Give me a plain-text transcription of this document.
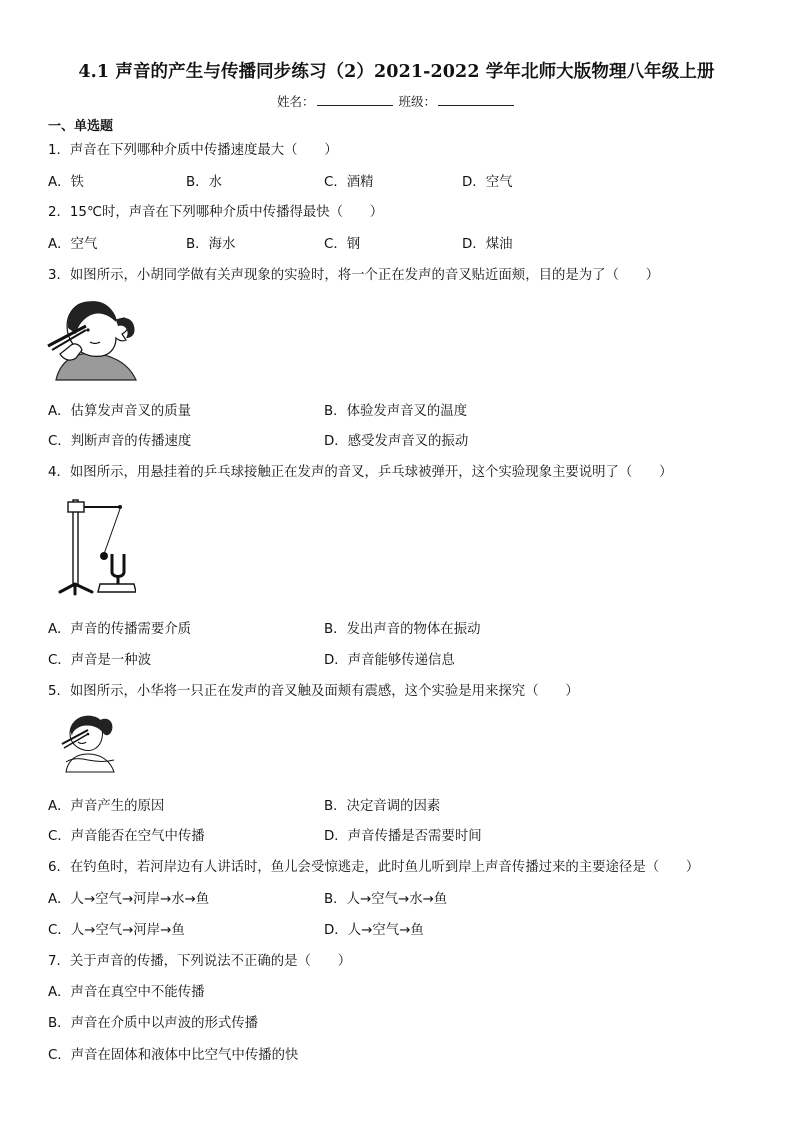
4.1 声音的产生与传播同步练习（2）2021-2022 学年北师大版物理八年级上册
姓名：	班级：
一、单选题
1．声音在下列哪种介质中传播速度最大（　　）
A．铁	B．水	C．酒精	D．空气
2．15℃时，声音在下列哪种介质中传播得最快（　　）
A．空气	B．海水	C．钢	D．煤油
3．如图所示，小胡同学做有关声现象的实验时，将一个正在发声的音叉贴近面颊，目的是为了（　　）
A．估算发声音叉的质量	B．体验发声音叉的温度
C．判断声音的传播速度	D．感受发声音叉的振动
4．如图所示，用悬挂着的乒乓球接触正在发声的音叉，乒乓球被弹开，这个实验现象主要说明了（　　）
A．声音的传播需要介质	B．发出声音的物体在振动
C．声音是一种波	D．声音能够传递信息
5．如图所示，小华将一只正在发声的音叉触及面颊有震感，这个实验是用来探究（　　）
A．声音产生的原因	B．决定音调的因素
C．声音能否在空气中传播	D．声音传播是否需要时间
6．在钓鱼时，若河岸边有人讲话时，鱼儿会受惊逃走，此时鱼儿听到岸上声音传播过来的主要途径是（　　）
A．人→空气→河岸→水→鱼	B．人→空气→水→鱼
C．人→空气→河岸→鱼	D．人→空气→鱼
7．关于声音的传播，下列说法不正确的是（　　）
A．声音在真空中不能传播
B．声音在介质中以声波的形式传播
C．声音在固体和液体中比空气中传播的快
